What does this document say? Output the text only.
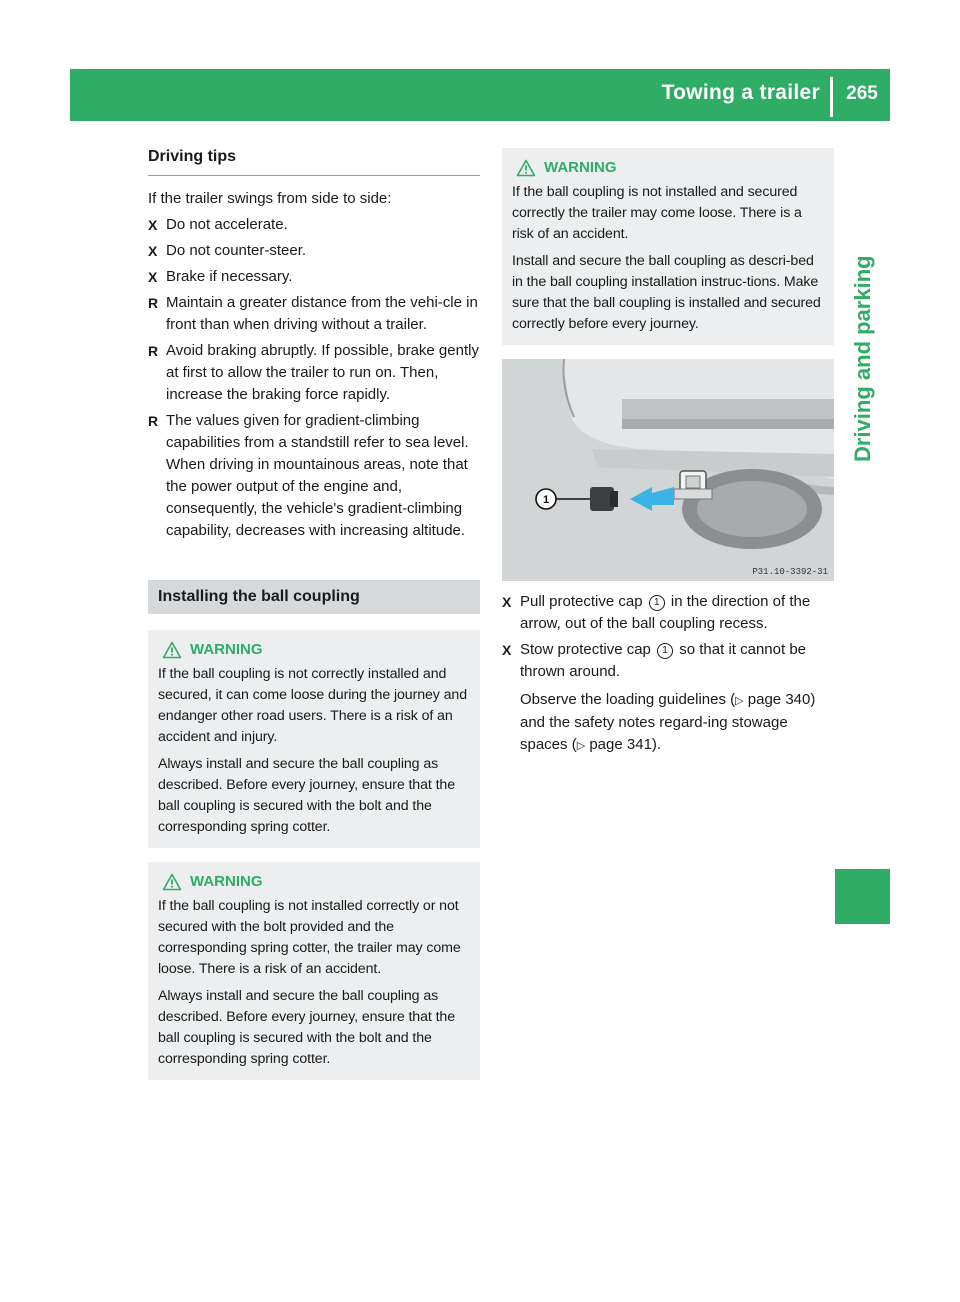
Towing a trailer	265
Driving and parking
Driving tips

If the trailer swings from side to side:

X Do not accelerate.
X Do not counter-steer.
X Brake if necessary.
R Maintain a greater distance from the vehi-cle in front than when driving without a trailer.
R Avoid braking abruptly. If possible, brake gently at first to allow the trailer to run on. Then, increase the braking force rapidly.
R The values given for gradient-climbing capabilities from a standstill refer to sea level. When driving in mountainous areas, note that the power output of the engine and, consequently, the vehicle's gradient-climbing capability, decreases with increasing altitude.
Installing the ball coupling
WARNING

If the ball coupling is not correctly installed and secured, it can come loose during the journey and endanger other road users. There is a risk of an accident and injury.

Always install and secure the ball coupling as described. Before every journey, ensure that the ball coupling is secured with the bolt and the corresponding spring cotter.

WARNING

If the ball coupling is not installed correctly or not secured with the bolt provided and the corresponding spring cotter, the trailer may come loose. There is a risk of an accident.

Always install and secure the ball coupling as described. Before every journey, ensure that the ball coupling is secured with the bolt and the corresponding spring cotter.

WARNING

If the ball coupling is not installed and secured correctly the trailer may come loose. There is a risk of an accident.

Install and secure the ball coupling as descri-bed in the ball coupling installation instruc-tions. Make sure that the ball coupling is installed and secured correctly before every journey.

1
P31.10-3392-31
X Pull protective cap 1 in the direction of the arrow, out of the ball coupling recess.
X Stow protective cap 1 so that it cannot be thrown around.
Observe the loading guidelines (▷ page 340) and the safety notes regard-ing stowage spaces (▷ page 341).
